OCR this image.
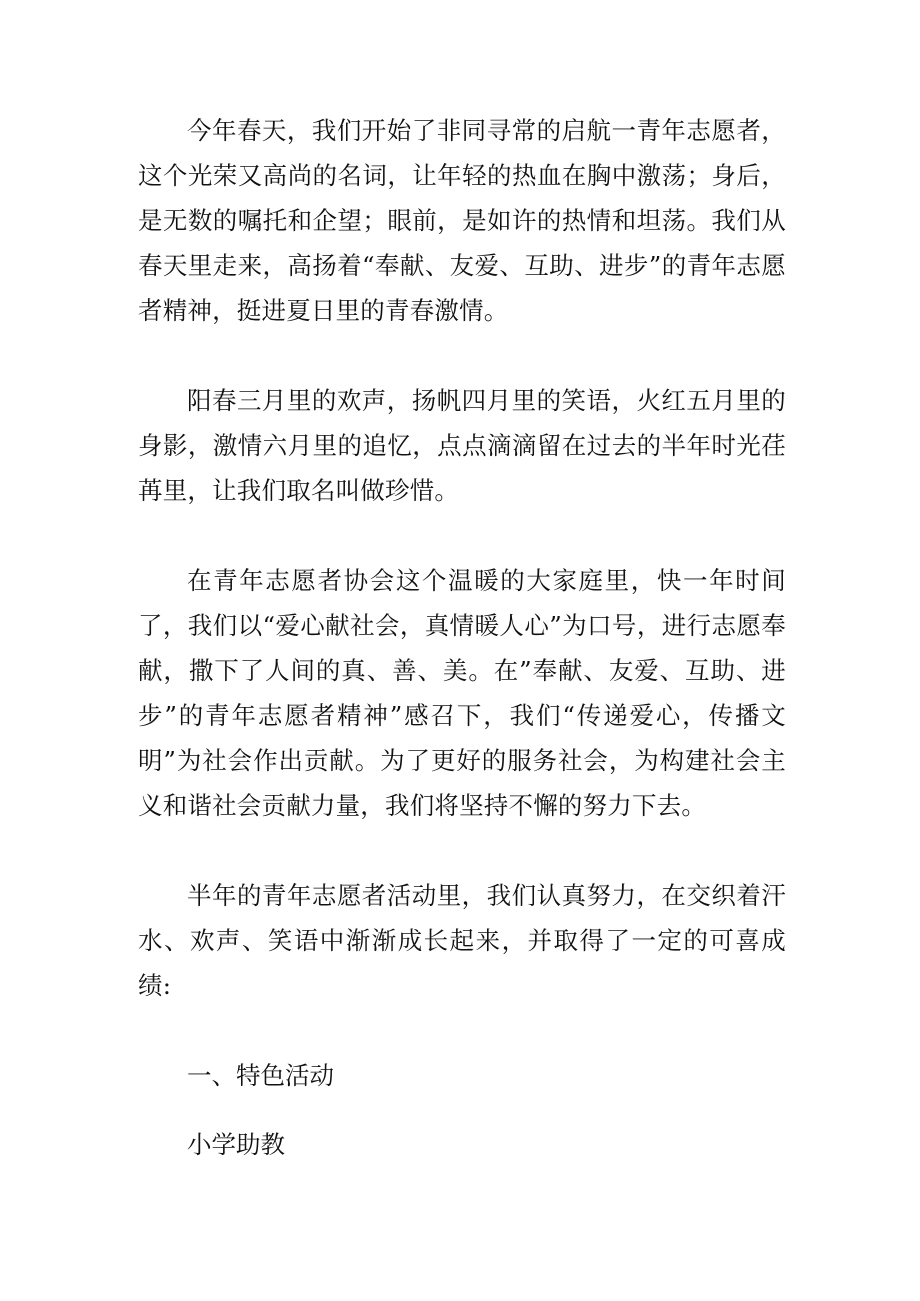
今年春天，我们开始了非同寻常的启航一青年志愿者，这个光荣又高尚的名词，让年轻的热血在胸中激荡；身后，是无数的嘱托和企望；眼前，是如许的热情和坦荡。我们从春天里走来，高扬着“奉献、友爱、互助、进步”的青年志愿者精神，挺进夏日里的青春激情。

阳春三月里的欢声，扬帆四月里的笑语，火红五月里的身影，激情六月里的追忆，点点滴滴留在过去的半年时光荏苒里，让我们取名叫做珍惜。

在青年志愿者协会这个温暖的大家庭里，快一年时间了，我们以“爱心献社会，真情暖人心”为口号，进行志愿奉献，撒下了人间的真、善、美。在”奉献、友爱、互助、进步”的青年志愿者精神”感召下，我们“传递爱心，传播文明”为社会作出贡献。为了更好的服务社会，为构建社会主义和谐社会贡献力量，我们将坚持不懈的努力下去。

半年的青年志愿者活动里，我们认真努力，在交织着汗水、欢声、笑语中渐渐成长起来，并取得了一定的可喜成绩:

一、特色活动

小学助教
